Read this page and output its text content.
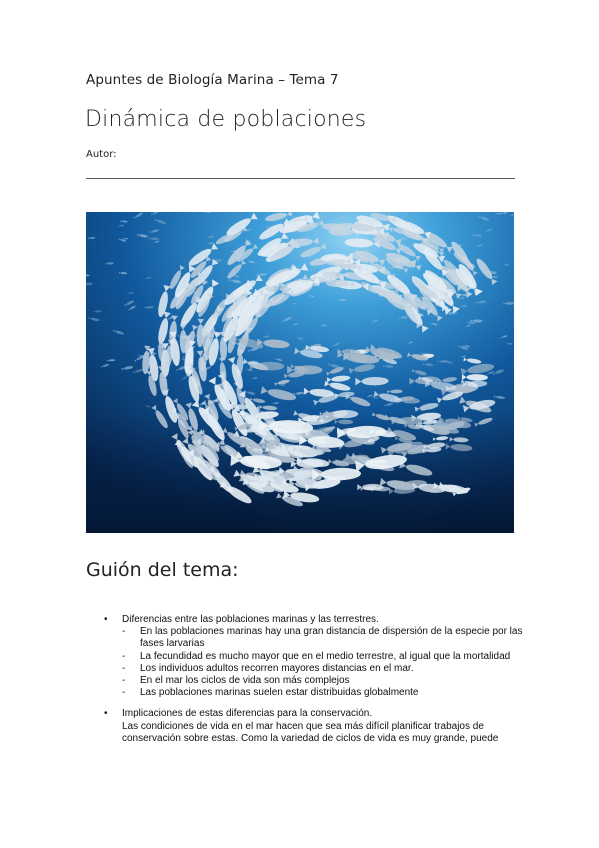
Apuntes de Biología Marina – Tema 7
Dinámica de poblaciones
Autor:
Guión del tema:
• Diferencias entre las poblaciones marinas y las terrestres.
- En las poblaciones marinas hay una gran distancia de dispersión de la especie por las fases larvarias
- La fecundidad es mucho mayor que en el medio terrestre, al igual que la mortalidad
- Los individuos adultos recorren mayores distancias en el mar.
- En el mar los ciclos de vida son más complejos
- Las poblaciones marinas suelen estar distribuidas globalmente
• Implicaciones de estas diferencias para la conservación.
Las condiciones de vida en el mar hacen que sea más difícil planificar trabajos de conservación sobre estas. Como la variedad de ciclos de vida es muy grande, puede
